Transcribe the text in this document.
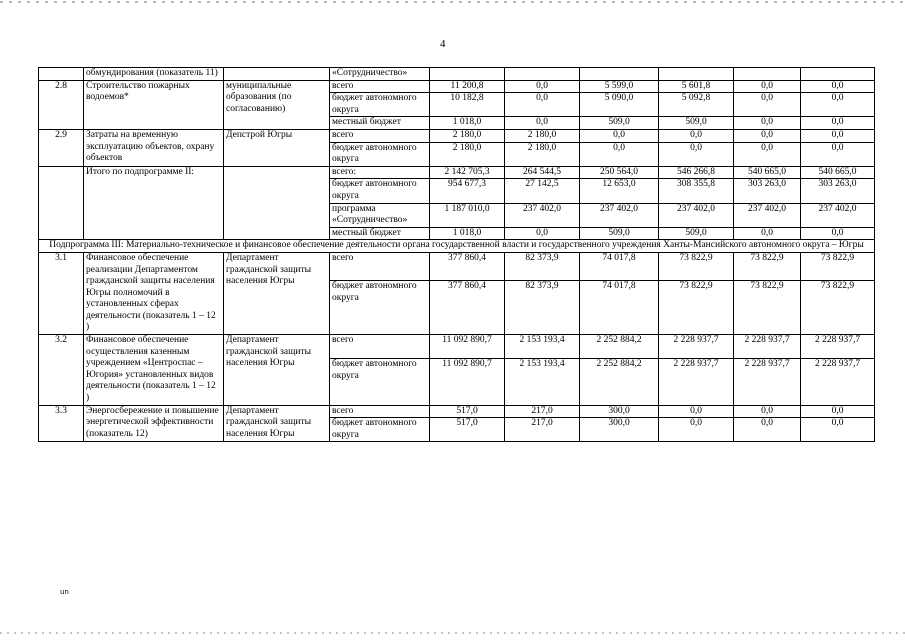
4
	обмундирования (показатель 11)		«Сотрудничество»						
2.8	Строительство пожарных водоемов*	муниципальные образования (по согласованию)	всего	11 200,8	0,0	5 599,0	5 601,8	0,0	0,0
			бюджет автономного округа	10 182,8	0,0	5 090,0	5 092,8	0,0	0,0
			местный бюджет	1 018,0	0,0	509,0	509,0	0,0	0,0
2.9	Затраты на временную эксплуатацию объектов, охрану объектов	Депстрой Югры	всего	2 180,0	2 180,0	0,0	0,0	0,0	0,0
			бюджет автономного округа	2 180,0	2 180,0	0,0	0,0	0,0	0,0
	Итого по подпрограмме II:		всего:	2 142 705,3	264 544,5	250 564,0	546 266,8	540 665,0	540 665,0
			бюджет автономного округа	954 677,3	27 142,5	12 653,0	308 355,8	303 263,0	303 263,0
			программа «Сотрудничество»	1 187 010,0	237 402,0	237 402,0	237 402,0	237 402,0	237 402,0
			местный бюджет	1 018,0	0,0	509,0	509,0	0,0	0,0
Подпрограмма III: Материально-техническое и финансовое обеспечение деятельности органа государственной власти и государственного учреждения Ханты-Мансийского автономного округа – Югры									
3.1	Финансовое обеспечение реализации Департаментом гражданской защиты населения Югры полномочий в установленных сферах деятельности (показатель 1 – 12 )	Департамент гражданской защиты населения Югры	всего	377 860,4	82 373,9	74 017,8	73 822,9	73 822,9	73 822,9
			бюджет автономного округа	377 860,4	82 373,9	74 017,8	73 822,9	73 822,9	73 822,9
3.2	Финансовое обеспечение осуществления казенным учреждением «Центроспас – Югория» установленных видов деятельности (показатель 1 – 12 )	Департамент гражданской защиты населения Югры	всего	11 092 890,7	2 153 193,4	2 252 884,2	2 228 937,7	2 228 937,7	2 228 937,7
			бюджет автономного округа	11 092 890,7	2 153 193,4	2 252 884,2	2 228 937,7	2 228 937,7	2 228 937,7
3.3	Энергосбережение и повышение энергетической эффективности (показатель 12)	Департамент гражданской защиты населения Югры	всего	517,0	217,0	300,0	0,0	0,0	0,0
			бюджет автономного округа	517,0	217,0	300,0	0,0	0,0	0,0
un
